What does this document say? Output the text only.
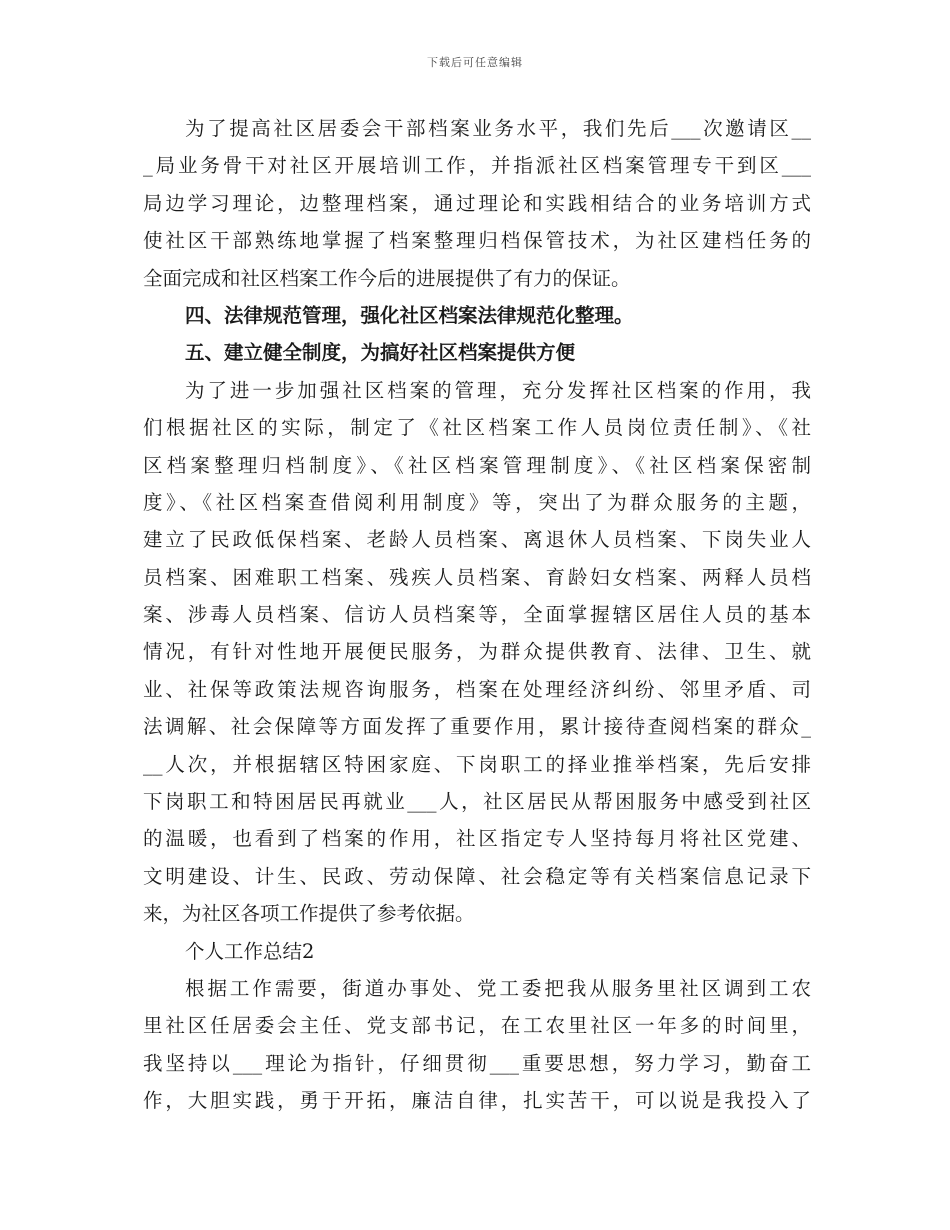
下载后可任意编辑
为了提高社区居委会干部档案业务水平，我们先后___次邀请区__
_局业务骨干对社区开展培训工作，并指派社区档案管理专干到区___
局边学习理论，边整理档案，通过理论和实践相结合的业务培训方式
使社区干部熟练地掌握了档案整理归档保管技术，为社区建档任务的
全面完成和社区档案工作今后的进展提供了有力的保证。
四、法律规范管理，强化社区档案法律规范化整理。
五、建立健全制度，为搞好社区档案提供方便
为了进一步加强社区档案的管理，充分发挥社区档案的作用，我
们根据社区的实际，制定了《社区档案工作人员岗位责任制》、《社
区档案整理归档制度》、《社区档案管理制度》、《社区档案保密制
度》、《社区档案查借阅利用制度》等，突出了为群众服务的主题，
建立了民政低保档案、老龄人员档案、离退休人员档案、下岗失业人
员档案、困难职工档案、残疾人员档案、育龄妇女档案、两释人员档
案、涉毒人员档案、信访人员档案等，全面掌握辖区居住人员的基本
情况，有针对性地开展便民服务，为群众提供教育、法律、卫生、就
业、社保等政策法规咨询服务，档案在处理经济纠纷、邻里矛盾、司
法调解、社会保障等方面发挥了重要作用，累计接待查阅档案的群众_
__人次，并根据辖区特困家庭、下岗职工的择业推举档案，先后安排
下岗职工和特困居民再就业___人，社区居民从帮困服务中感受到社区
的温暖，也看到了档案的作用，社区指定专人坚持每月将社区党建、
文明建设、计生、民政、劳动保障、社会稳定等有关档案信息记录下
来，为社区各项工作提供了参考依据。
个人工作总结2
根据工作需要，街道办事处、党工委把我从服务里社区调到工农
里社区任居委会主任、党支部书记，在工农里社区一年多的时间里，
我坚持以___理论为指针，仔细贯彻___重要思想，努力学习，勤奋工
作，大胆实践，勇于开拓，廉洁自律，扎实苦干，可以说是我投入了
